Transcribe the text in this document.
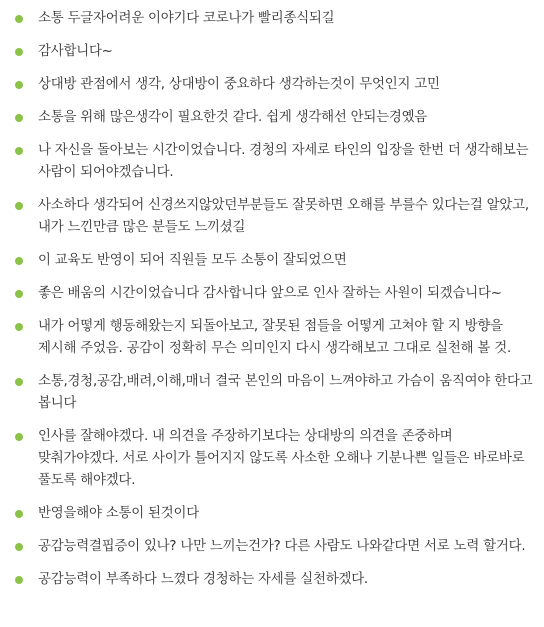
소통 두글자어려운 이야기다 코로나가 빨리종식되길
감사합니다~
상대방 관점에서 생각, 상대방이 중요하다 생각하는것이 무엇인지 고민
소통을 위해 많은생각이 필요한것 같다. 쉽게 생각해선 안되는경옜음
나 자신을 돌아보는 시간이었습니다. 경청의 자세로 타인의 입장을 한번 더 생각해보는 사람이 되어야겠습니다.
사소하다 생각되어 신경쓰지않았던부분들도 잘못하면 오해를 부를수 있다는걸 알았고, 내가 느낀만큼 많은 분들도 느끼셨길
이 교육도 반영이 되어 직원들 모두 소통이 잘되었으면
좋은 배움의 시간이었습니다 감사합니다 앞으로 인사 잘하는 사원이 되겠습니다~
내가 어떻게 행동해왔는지 되돌아보고, 잘못된 점들을 어떻게 고쳐야 할 지 방향을 제시해 주었음. 공감이 정확히 무슨 의미인지 다시 생각해보고 그대로 실천해 볼 것.
소통,경청,공감,배려,이해,매너 결국 본인의 마음이 느껴야하고 가슴이 움직여야 한다고 봅니다
인사를 잘해야겠다. 내 의견을 주장하기보다는 상대방의 의견을 존중하며 맞춰가야겠다. 서로 사이가 틀어지지 않도록 사소한 오해나 기분나쁜 일들은 바로바로 풀도록 해야겠다.
반영을해야 소통이 된것이다
공감능력결핍증이 있나? 나만 느끼는건가? 다른 사람도 나와같다면 서로 노력 할거다.
공감능력이 부족하다 느꼈다 경청하는 자세를 실천하겠다.
